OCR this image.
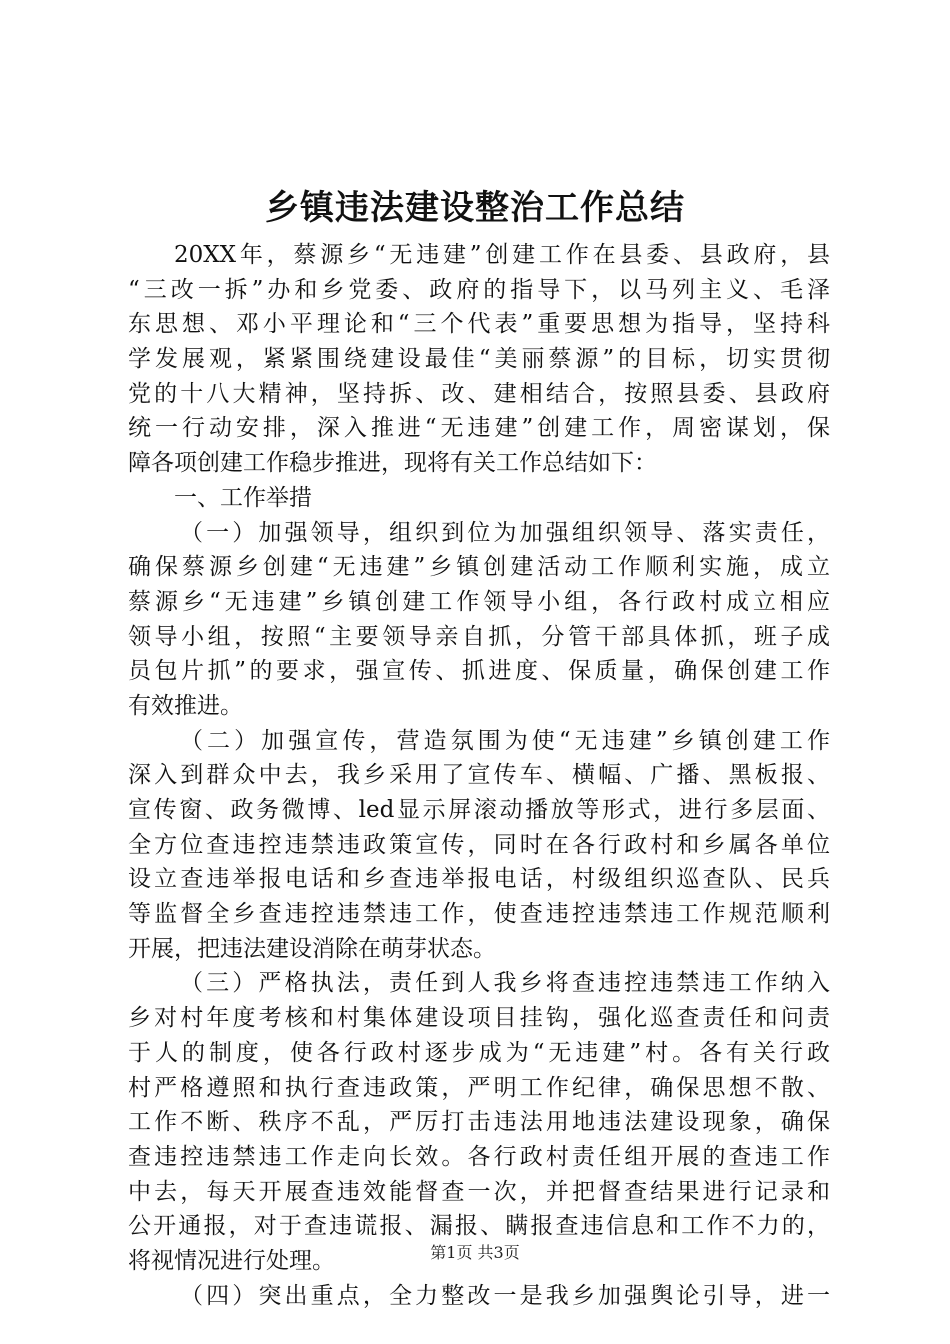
乡镇违法建设整治工作总结
20XX年，蔡源乡“无违建”创建工作在县委、县政府，县
“三改一拆”办和乡党委、政府的指导下，以马列主义、毛泽
东思想、邓小平理论和“三个代表”重要思想为指导，坚持科
学发展观，紧紧围绕建设最佳“美丽蔡源”的目标，切实贯彻
党的十八大精神，坚持拆、改、建相结合，按照县委、县政府
统一行动安排，深入推进“无违建”创建工作，周密谋划，保
障各项创建工作稳步推进，现将有关工作总结如下：
一、工作举措
（一）加强领导，组织到位为加强组织领导、落实责任，
确保蔡源乡创建“无违建”乡镇创建活动工作顺利实施，成立
蔡源乡“无违建”乡镇创建工作领导小组，各行政村成立相应
领导小组，按照“主要领导亲自抓，分管干部具体抓，班子成
员包片抓”的要求，强宣传、抓进度、保质量，确保创建工作
有效推进。
（二）加强宣传，营造氛围为使“无违建”乡镇创建工作
深入到群众中去，我乡采用了宣传车、横幅、广播、黑板报、
宣传窗、政务微博、led显示屏滚动播放等形式，进行多层面、
全方位查违控违禁违政策宣传，同时在各行政村和乡属各单位
设立查违举报电话和乡查违举报电话，村级组织巡查队、民兵
等监督全乡查违控违禁违工作，使查违控违禁违工作规范顺利
开展，把违法建设消除在萌芽状态。
（三）严格执法，责任到人我乡将查违控违禁违工作纳入
乡对村年度考核和村集体建设项目挂钩，强化巡查责任和问责
于人的制度，使各行政村逐步成为“无违建”村。各有关行政
村严格遵照和执行查违政策，严明工作纪律，确保思想不散、
工作不断、秩序不乱，严厉打击违法用地违法建设现象，确保
查违控违禁违工作走向长效。各行政村责任组开展的查违工作
中去，每天开展查违效能督查一次，并把督查结果进行记录和
公开通报，对于查违谎报、漏报、瞒报查违信息和工作不力的，
将视情况进行处理。
（四）突出重点，全力整改一是我乡加强舆论引导，进一
第1页 共3页
